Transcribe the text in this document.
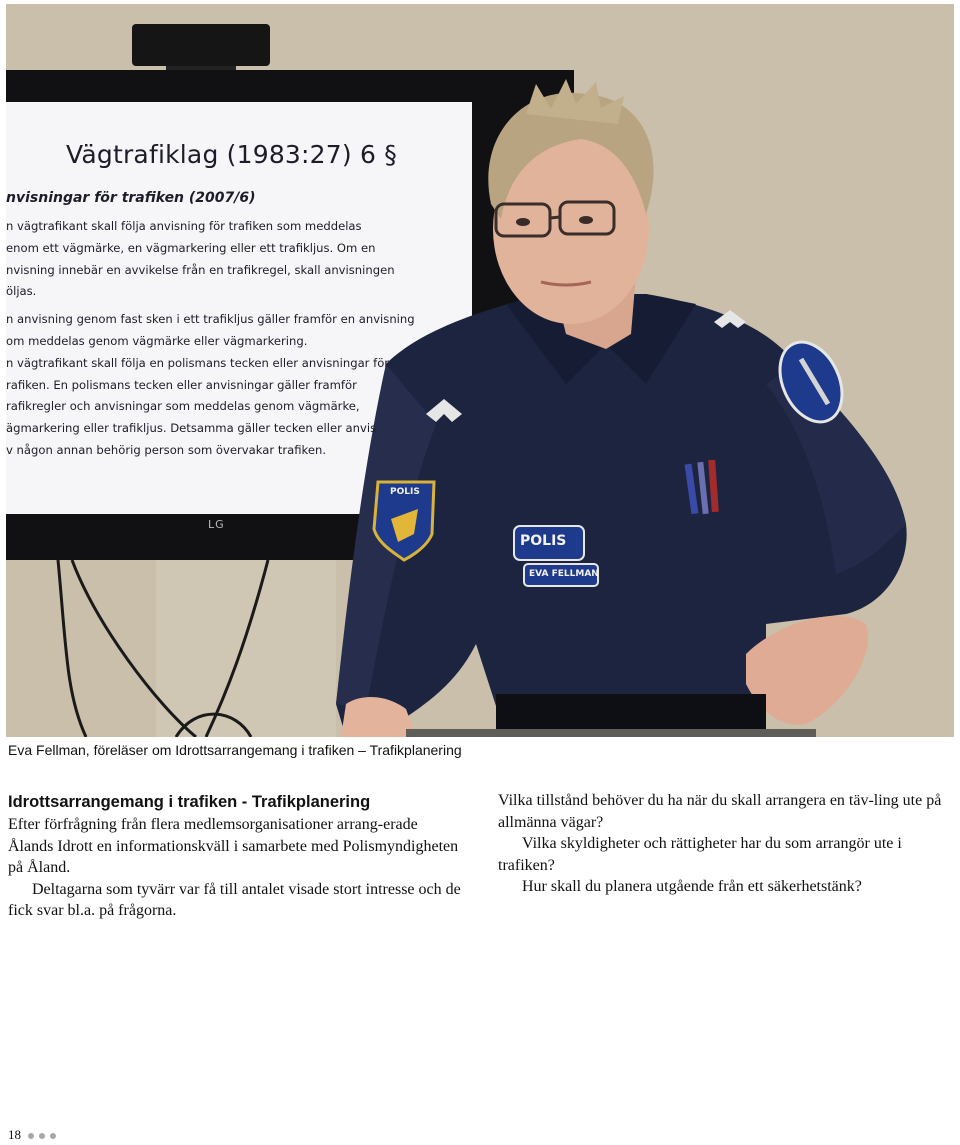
Vägtrafiklag (1983:27) 6 §
nvisningar för trafiken (2007/6)
n vägtrafikant skall följa anvisning för trafiken som meddelas
enom ett vägmärke, en vägmarkering eller ett trafikljus. Om en
nvisning innebär en avvikelse från en trafikregel, skall anvisningen
öljas.
n anvisning genom fast sken i ett trafikljus gäller framför en anvisning
om meddelas genom vägmärke eller vägmarkering.
n vägtrafikant skall följa en polismans tecken eller anvisningar för
rafiken. En polismans tecken eller anvisningar gäller framför
rafikregler och anvisningar som meddelas genom vägmärke,
ägmarkering eller trafikljus. Detsamma gäller tecken eller anvis
v någon annan behörig person som övervakar trafiken.
LG
POLIS
POLIS
EVA FELLMAN
Eva Fellman, föreläser om Idrottsarrangemang i trafiken – Trafikplanering
Idrottsarrangemang i trafiken - Trafikplanering

Efter förfrågning från flera medlemsorganisationer arrang-erade Ålands Idrott en informationskväll i samarbete med Polismyndigheten på Åland.

Deltagarna som tyvärr var få till antalet visade stort intresse och de fick svar bl.a. på frågorna.

Vilka tillstånd behöver du ha när du skall arrangera en täv-ling ute på allmänna vägar?

Vilka skyldigheter och rättigheter har du som arrangör ute i trafiken?

Hur skall du planera utgående från ett säkerhetstänk?

18
